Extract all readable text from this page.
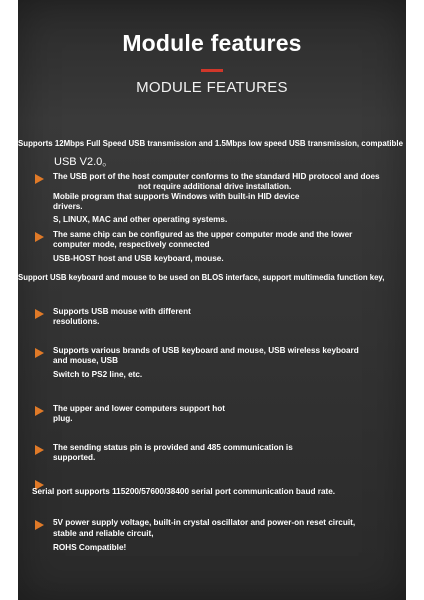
Module features
MODULE FEATURES
Supports 12Mbps Full Speed USB transmission and 1.5Mbps low speed USB transmission, compatible
USB V2.0。
The USB port of the host computer conforms to the standard HID protocol and does
not require additional drive installation.
Mobile program that supports Windows with built-in HID device
drivers.
S, LINUX, MAC and other operating systems.
The same chip can be configured as the upper computer mode and the lower
computer mode, respectively connected
USB-HOST host and USB keyboard, mouse.
Support USB keyboard and mouse to be used on BLOS interface, support multimedia function key,
Supports USB mouse with different
resolutions.
Supports various brands of USB keyboard and mouse, USB wireless keyboard
and mouse, USB
Switch to PS2 line, etc.
The upper and lower computers support hot
plug.
The sending status pin is provided and 485 communication is
supported.
Serial port supports 115200/57600/38400 serial port communication baud rate.
5V power supply voltage, built-in crystal oscillator and power-on reset circuit,
stable and reliable circuit,
ROHS Compatible!
